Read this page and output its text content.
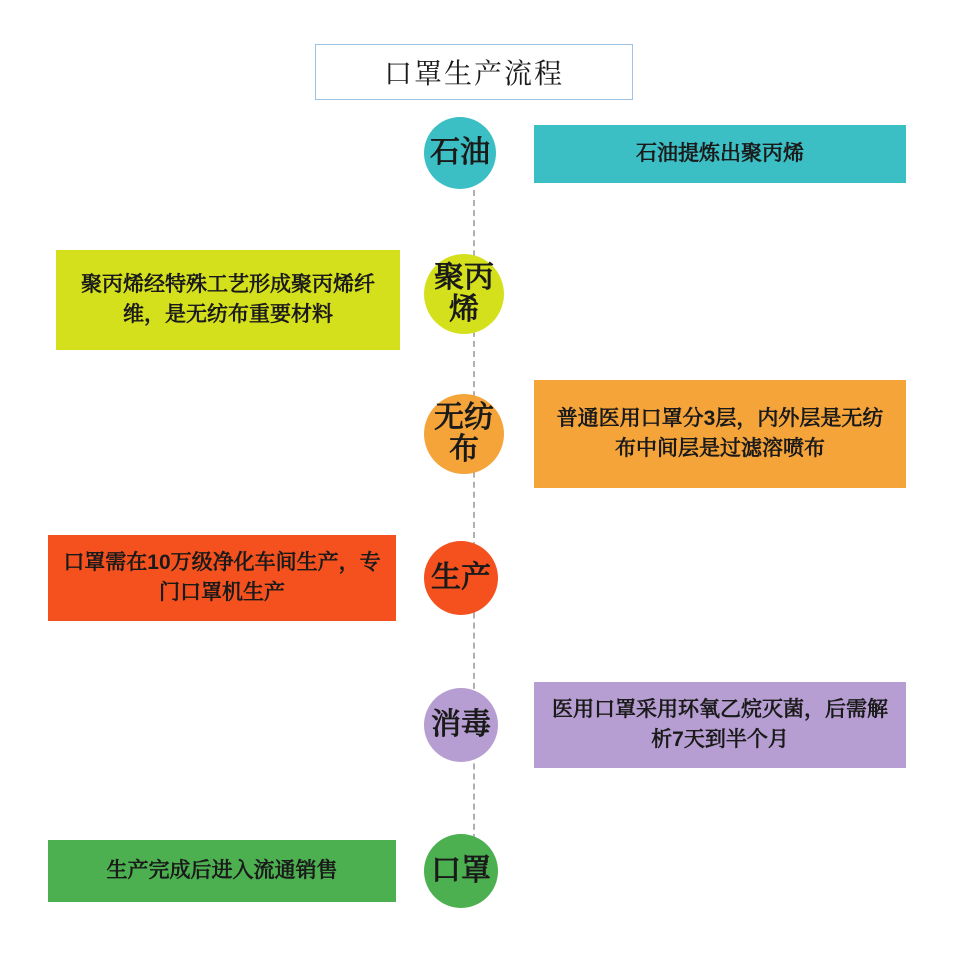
口罩生产流程
石油提炼出聚丙烯
石油
聚丙烯经特殊工艺形成聚丙烯纤维，是无纺布重要材料
聚丙烯
普通医用口罩分3层，内外层是无纺布中间层是过滤溶喷布
无纺布
口罩需在10万级净化车间生产，专门口罩机生产	生产
医用口罩采用环氧乙烷灭菌，后需解析7天到半个月
消毒
生产完成后进入流通销售	口罩
